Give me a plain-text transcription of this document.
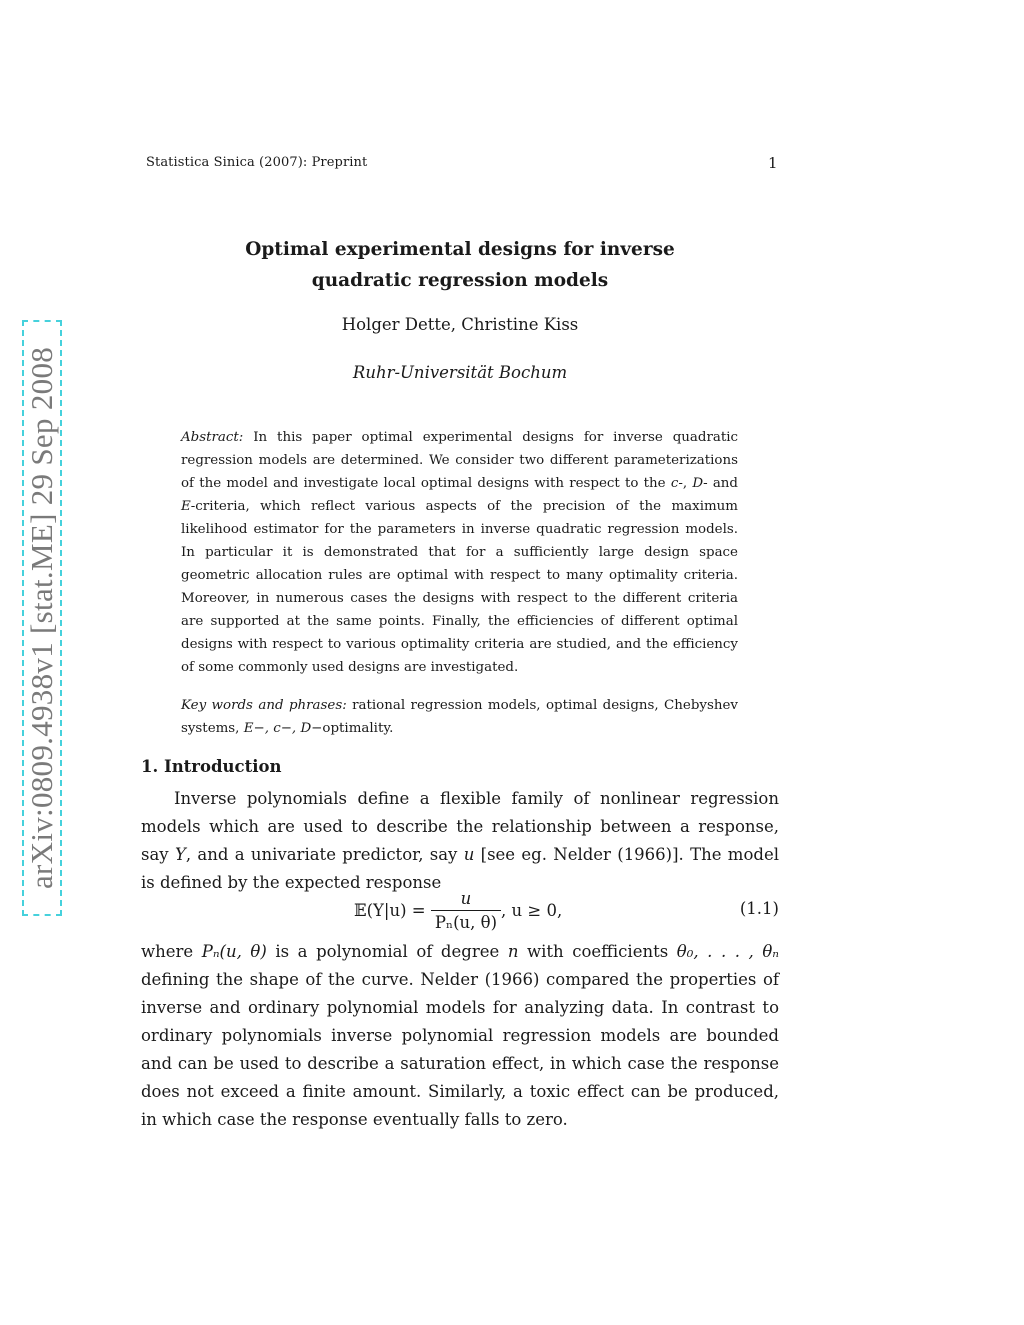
arXiv:0809.4938v1 [stat.ME] 29 Sep 2008
Statistica Sinica (2007): Preprint	1
Optimal experimental designs for inverse
quadratic regression models
Holger Dette, Christine Kiss
Ruhr-Universität Bochum
Abstract: In this paper optimal experimental designs for inverse quadratic regression models are determined. We consider two different parameterizations of the model and investigate local optimal designs with respect to the c-, D- and E-criteria, which reflect various aspects of the precision of the maximum likelihood estimator for the parameters in inverse quadratic regression models. In particular it is demonstrated that for a sufficiently large design space geometric allocation rules are optimal with respect to many optimality criteria. Moreover, in numerous cases the designs with respect to the different criteria are supported at the same points. Finally, the efficiencies of different optimal designs with respect to various optimality criteria are studied, and the efficiency of some commonly used designs are investigated.
Key words and phrases: rational regression models, optimal designs, Chebyshev systems, E−, c−, D−optimality.
1. Introduction
Inverse polynomials define a flexible family of nonlinear regression models which are used to describe the relationship between a response, say Y, and a univariate predictor, say u [see eg. Nelder (1966)]. The model is defined by the expected response
𝔼(Y|u) = $\frac{u}{\text{Pₙ(u, θ)}}$ , u ≥ 0,	(1.1)
where Pₙ(u, θ) is a polynomial of degree n with coefficients θ₀, . . . , θₙ defining the shape of the curve. Nelder (1966) compared the properties of inverse and ordinary polynomial models for analyzing data. In contrast to ordinary polynomials inverse polynomial regression models are bounded and can be used to describe a saturation effect, in which case the response does not exceed a finite amount. Similarly, a toxic effect can be produced, in which case the response eventually falls to zero.
